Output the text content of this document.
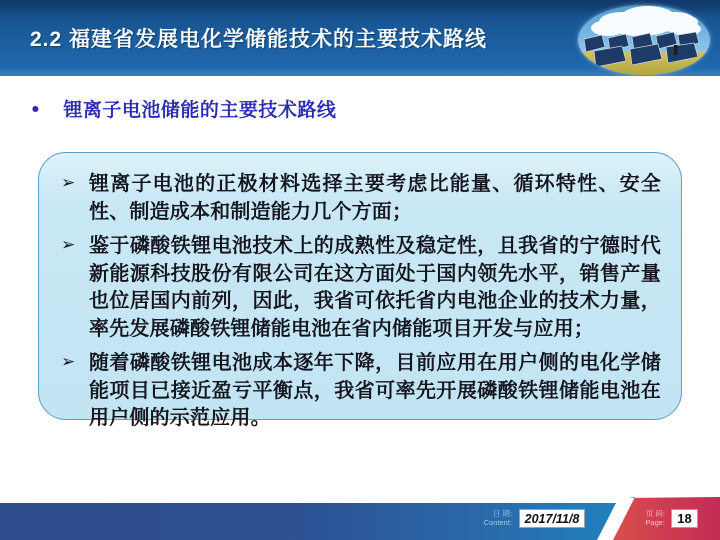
2.2 福建省发展电化学储能技术的主要技术路线
• 锂离子电池储能的主要技术路线
➢ 锂离子电池的正极材料选择主要考虑比能量、循环特性、安全性、制造成本和制造能力几个方面；
➢ 鉴于磷酸铁锂电池技术上的成熟性及稳定性，且我省的宁德时代新能源科技股份有限公司在这方面处于国内领先水平，销售产量也位居国内前列，因此，我省可依托省内电池企业的技术力量，率先发展磷酸铁锂储能电池在省内储能项目开发与应用；
➢ 随着磷酸铁锂电池成本逐年下降，目前应用在用户侧的电化学储能项目已接近盈亏平衡点，我省可率先开展磷酸铁锂储能电池在用户侧的示范应用。
日 期:
Content:	2017/11/8	页 码:
Page: 18
